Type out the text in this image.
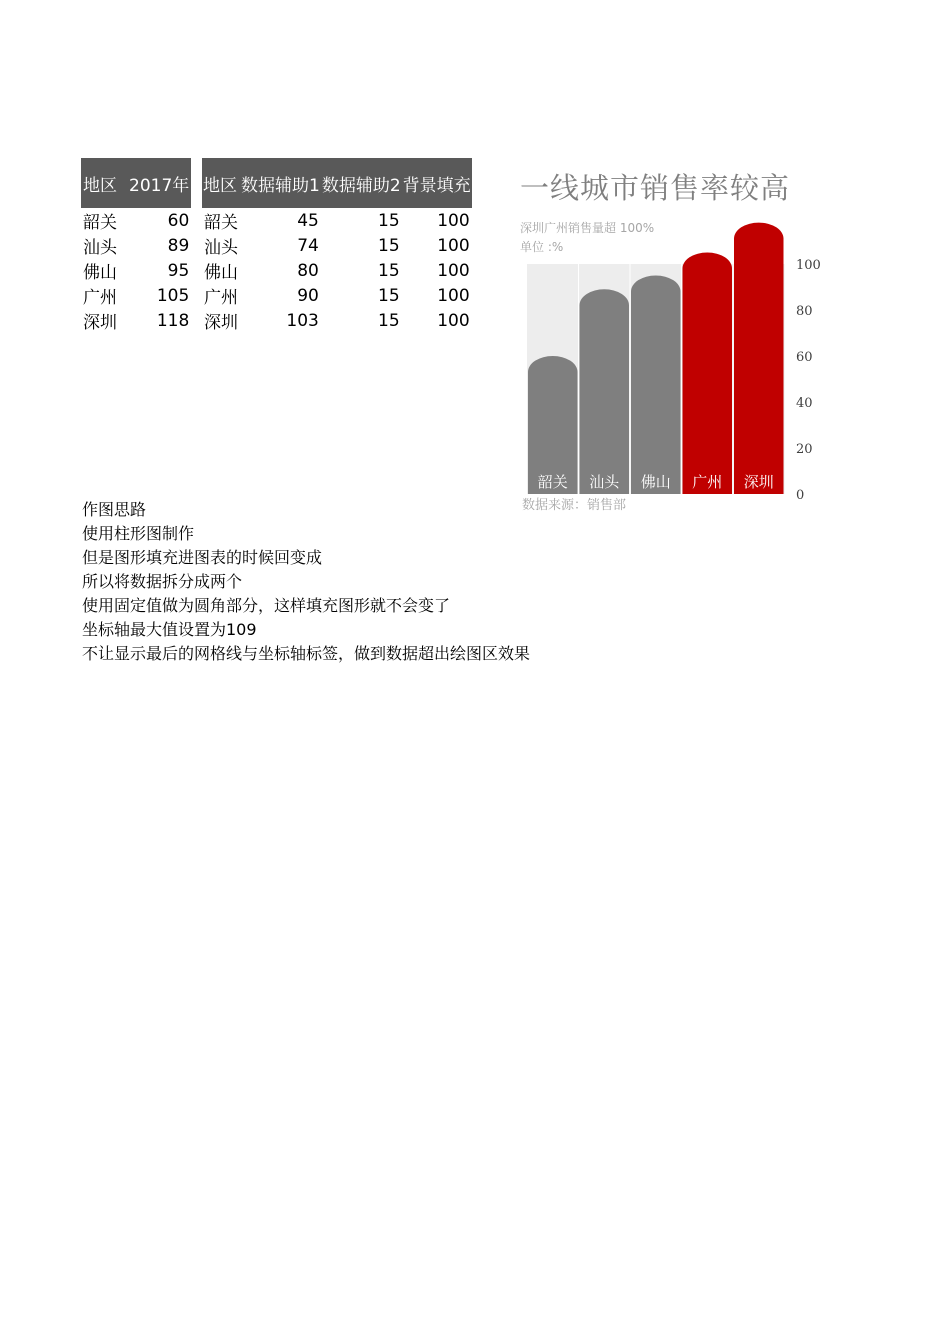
地区	2017年
韶关	60
汕头	89
佛山	95
广州	105
深圳	118
地区	数据辅助1	数据辅助2	背景填充
韶关	45	15	100
汕头	74	15	100
佛山	80	15	100
广州	90	15	100
深圳	103	15	100
一线城市销售率较高
深圳广州销售量超 100%
单位 :%
韶关 汕头 佛山 广州 深圳
0
20
40
60
80
100
数据来源：销售部
作图思路
使用柱形图制作
但是图形填充进图表的时候回变成
所以将数据拆分成两个
使用固定值做为圆角部分，这样填充图形就不会变了
坐标轴最大值设置为109
不让显示最后的网格线与坐标轴标签，做到数据超出绘图区效果
